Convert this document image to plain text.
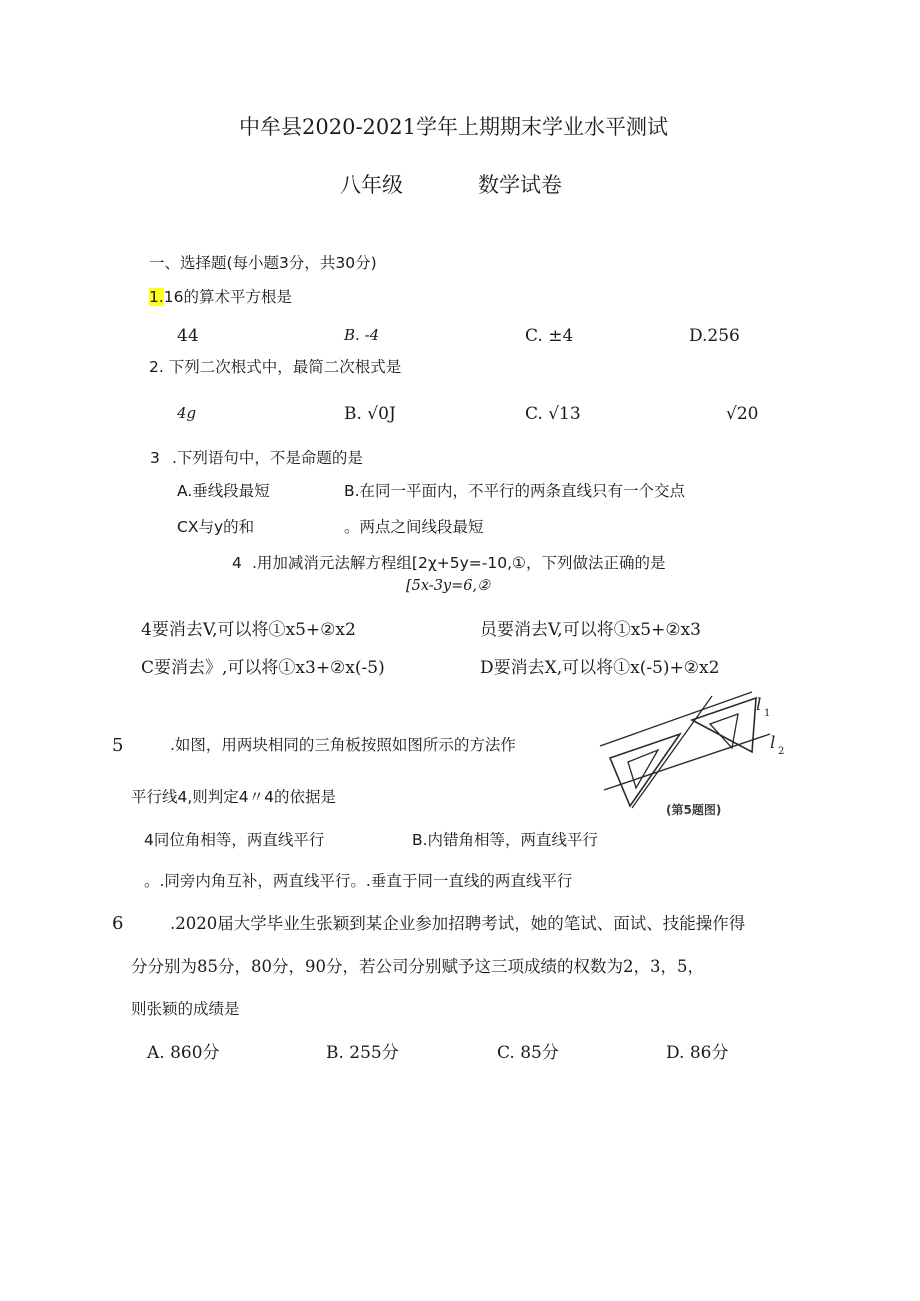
中牟县2020-2021学年上期期末学业水平测试
八年级	数学试卷
一、选择题(每小题3分，共30分)
1.16的算术平方根是
44	B. -4	C. ±4	D.256
2. 下列二次根式中，最简二次根式是
4g	B. √0J	C. √13	√20
3 .下列语句中，不是命题的是
A.垂线段最短	B.在同一平面内，不平行的两条直线只有一个交点
CX与y的和	。两点之间线段最短
4 .用加减消元法解方程组[2χ+5y=-10,①，下列做法正确的是
[5x-3y=6,②
4要消去V,可以将①x5+②x2	员要消去V,可以将①x5+②x3
C要消去》,可以将①x3+②x(-5)	D要消去X,可以将①x(-5)+②x2
5	.如图，用两块相同的三角板按照如图所示的方法作
平行线4,则判定4〃4的依据是
4同位角相等，两直线平行	B.内错角相等，两直线平行
。.同旁内角互补，两直线平行。.垂直于同一直线的两直线平行
l 1
l 2
(第5题图)
6	.2020届大学毕业生张颖到某企业参加招聘考试，她的笔试、面试、技能操作得
分分别为85分，80分，90分，若公司分别赋予这三项成绩的权数为2，3，5，
则张颖的成绩是
A. 860分	B. 255分	C. 85分	D. 86分
